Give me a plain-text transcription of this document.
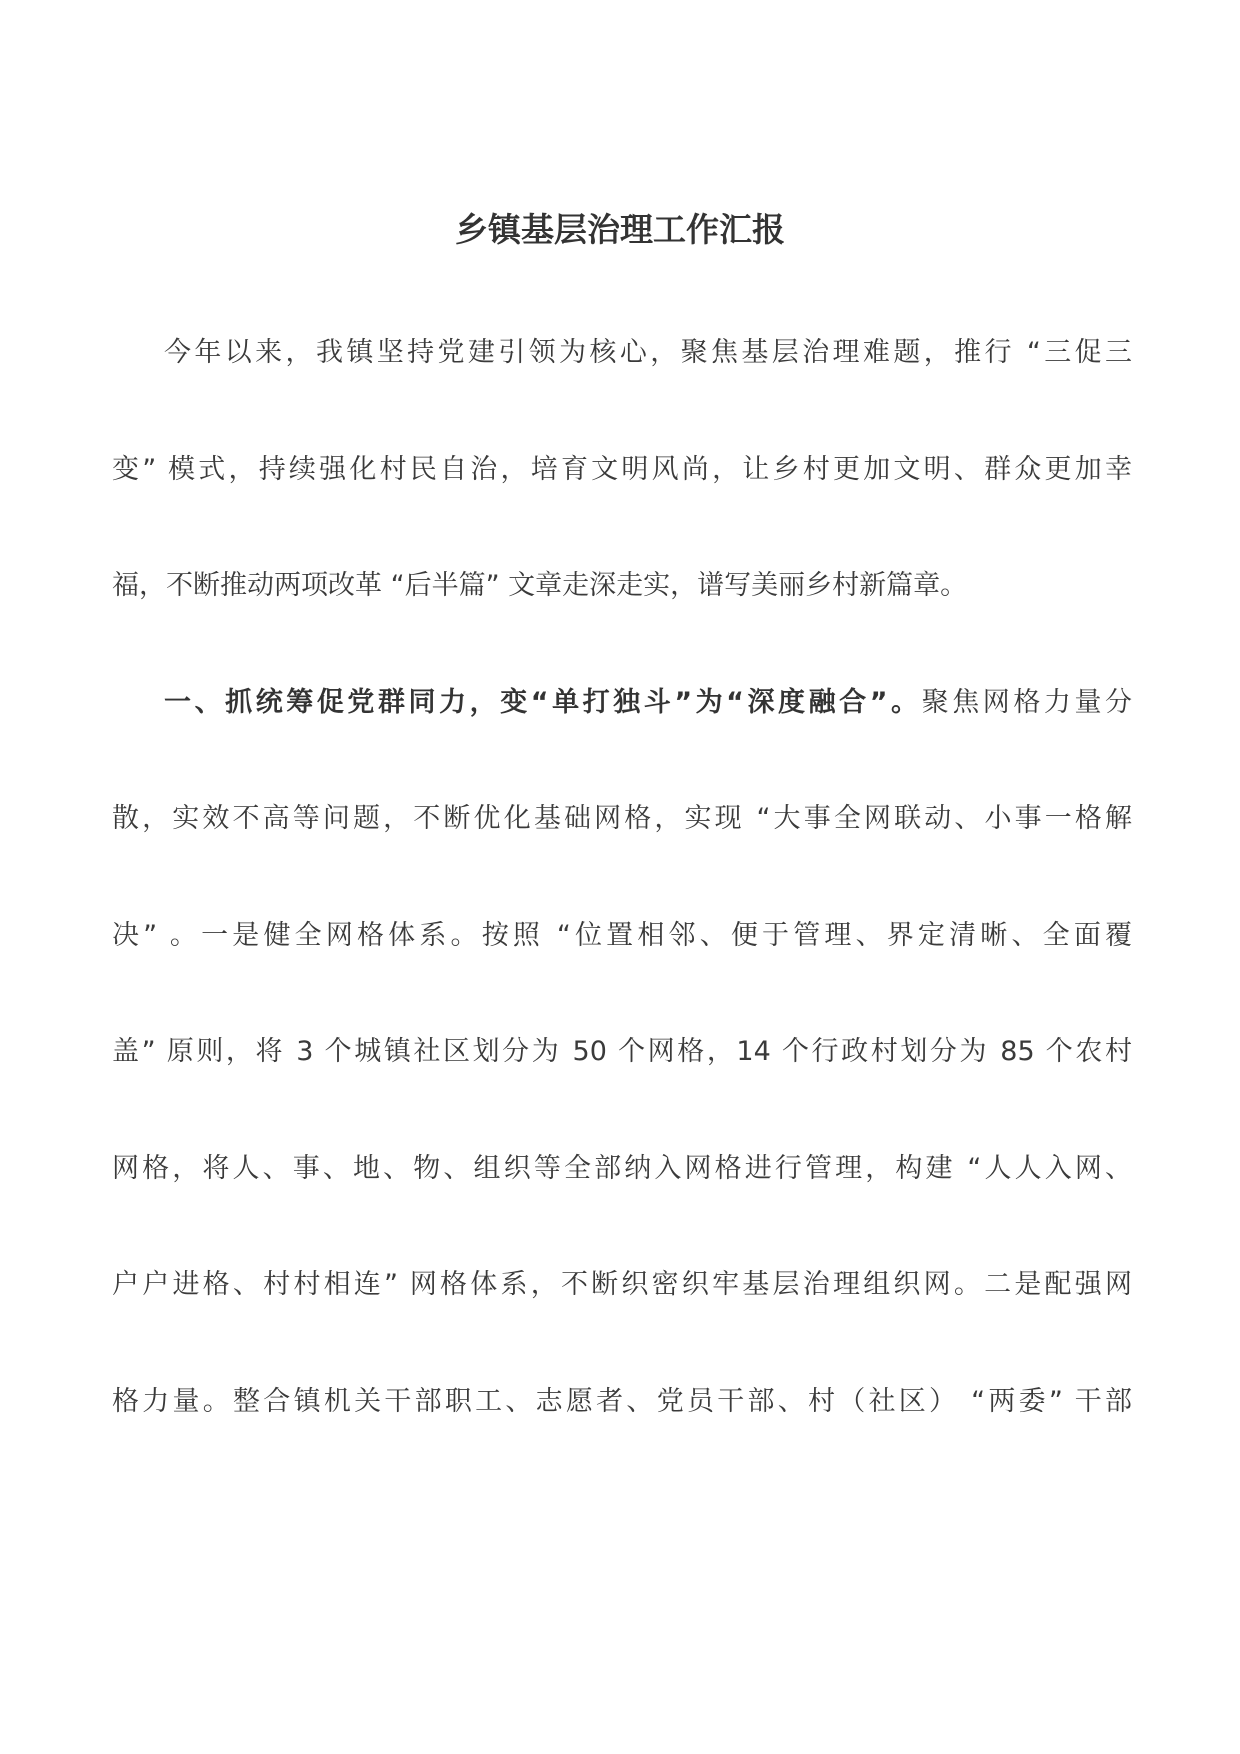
乡镇基层治理工作汇报
今年以来，我镇坚持党建引领为核心，聚焦基层治理难题，推行 “三促三
变” 模式，持续强化村民自治，培育文明风尚，让乡村更加文明、群众更加幸
福，不断推动两项改革 “后半篇” 文章走深走实，谱写美丽乡村新篇章。
一、抓统筹促党群同力，变“单打独斗”为“深度融合”。聚焦网格力量分
散，实效不高等问题，不断优化基础网格，实现 “大事全网联动、小事一格解
决” 。一是健全网格体系。按照 “位置相邻、便于管理、界定清晰、全面覆
盖” 原则，将 3 个城镇社区划分为 50 个网格，14 个行政村划分为 85 个农村
网格，将人、事、地、物、组织等全部纳入网格进行管理，构建 “人人入网、
户户进格、村村相连” 网格体系，不断织密织牢基层治理组织网。二是配强网
格力量。整合镇机关干部职工、志愿者、党员干部、村（社区） “两委” 干部
